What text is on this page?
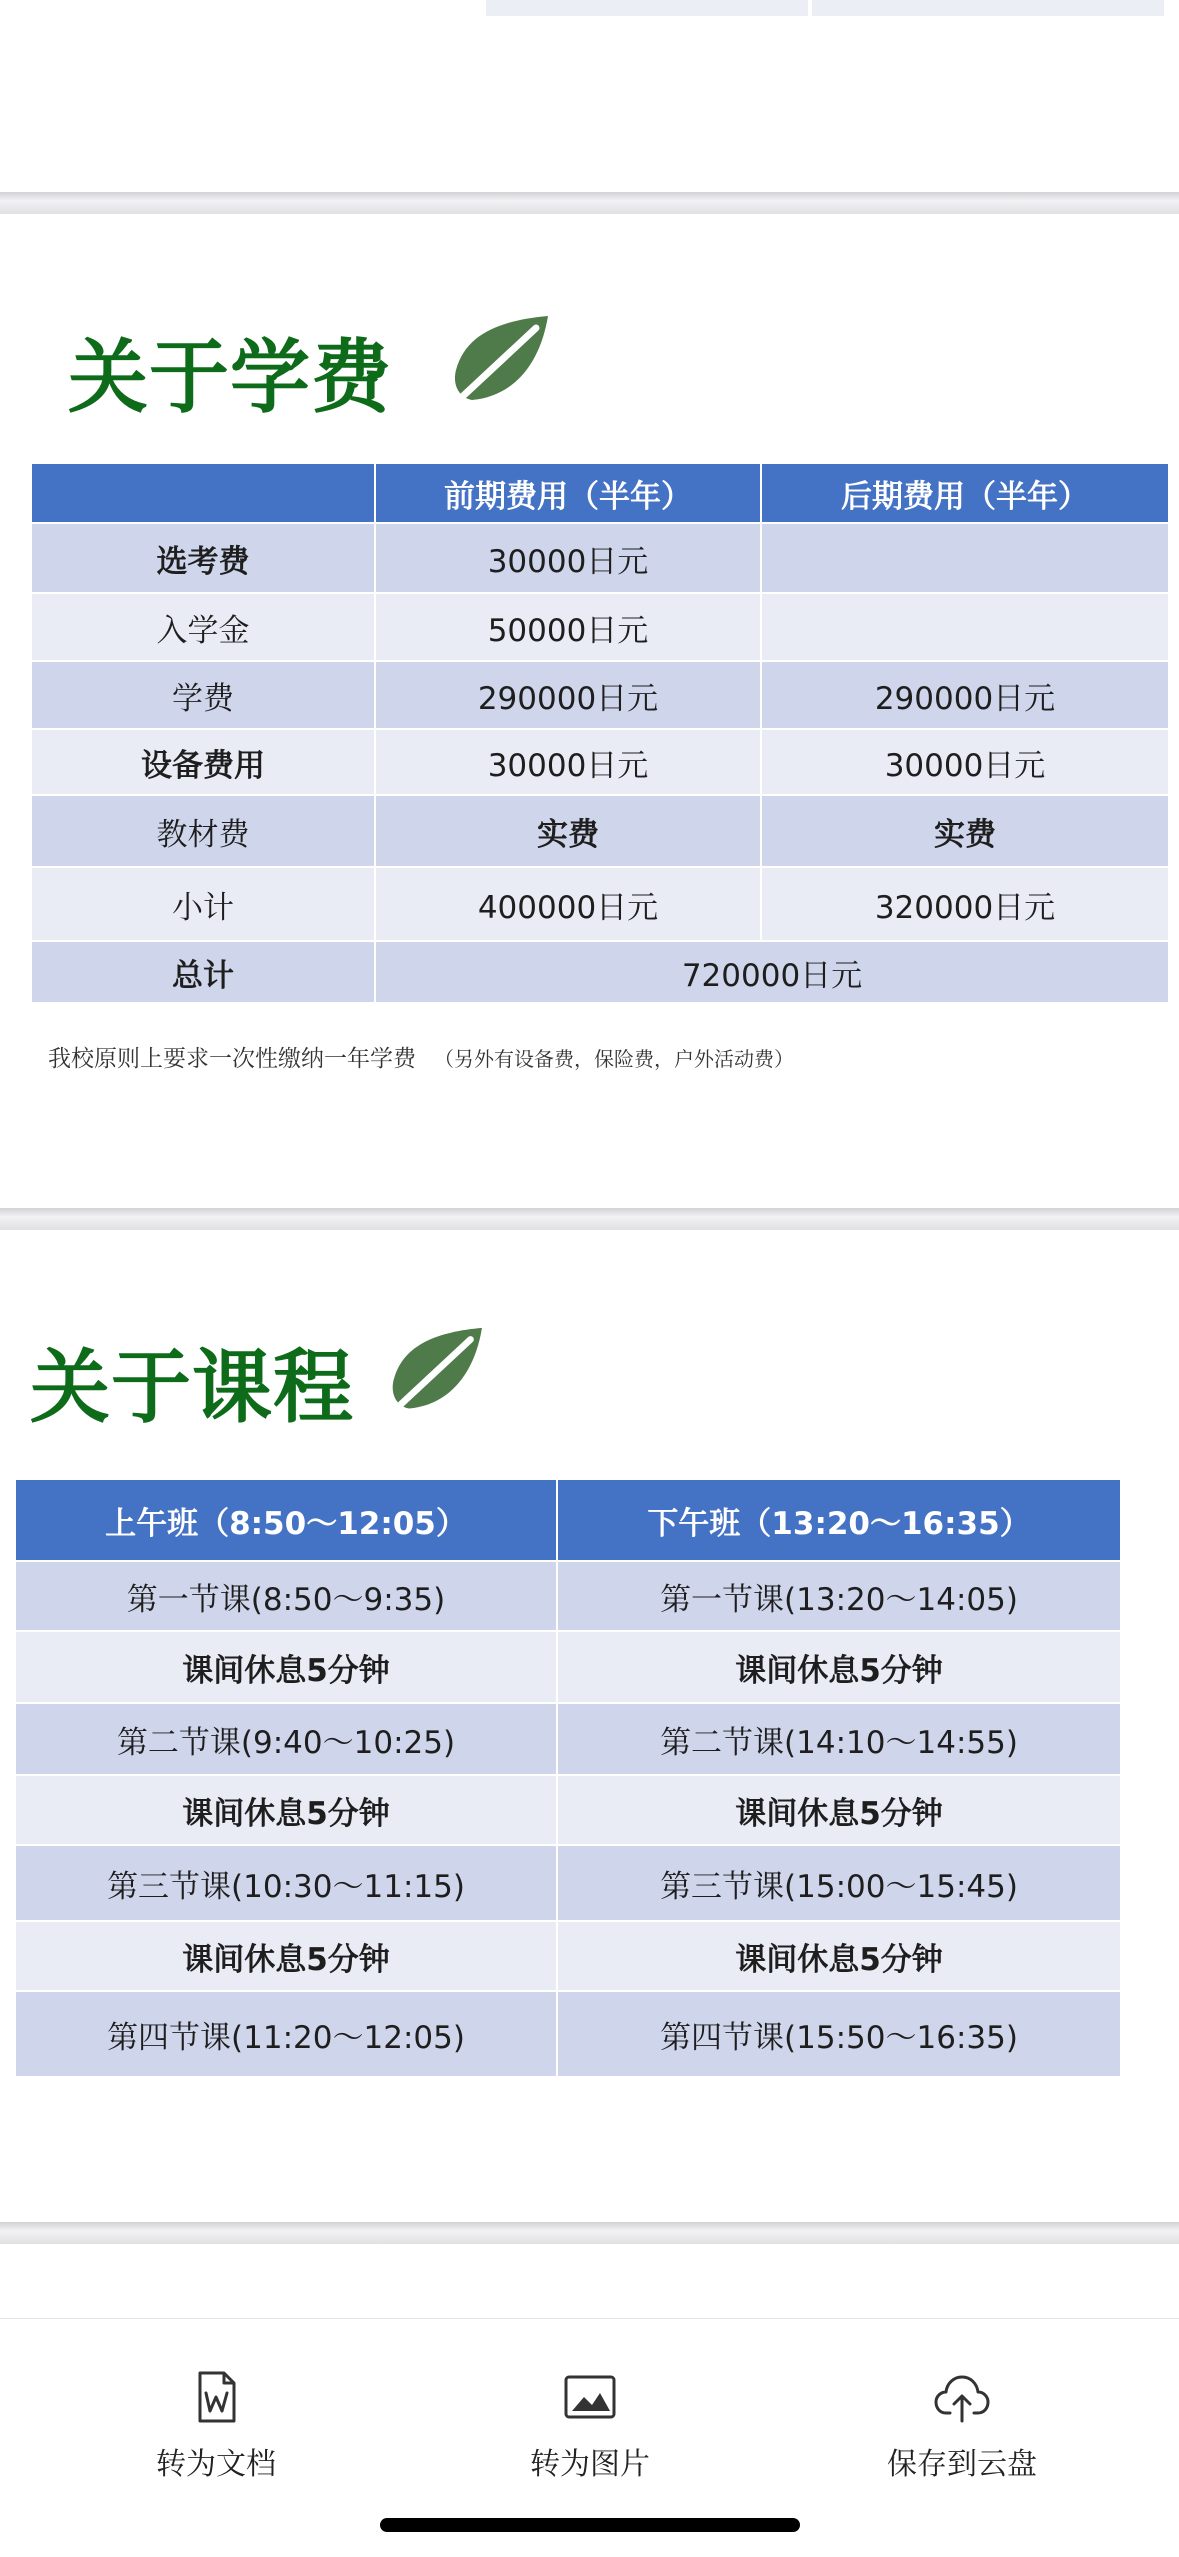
关于学费
	前期费用（半年）	后期费用（半年）
选考费	30000日元	
入学金	50000日元	
学费	290000日元	290000日元
设备费用	30000日元	30000日元
教材费	实费	实费
小计	400000日元	320000日元
总计	720000日元	
我校原则上要求一次性缴纳一年学费 （另外有设备费，保险费，户外活动费）
关于课程
上午班（8:50～12:05）	下午班（13:20～16:35）
第一节课(8:50～9:35)	第一节课(13:20～14:05)
课间休息5分钟	课间休息5分钟
第二节课(9:40～10:25)	第二节课(14:10～14:55)
课间休息5分钟	课间休息5分钟
第三节课(10:30～11:15)	第三节课(15:00～15:45)
课间休息5分钟	课间休息5分钟
第四节课(11:20～12:05)	第四节课(15:50～16:35)
转为文档	转为图片	保存到云盘
